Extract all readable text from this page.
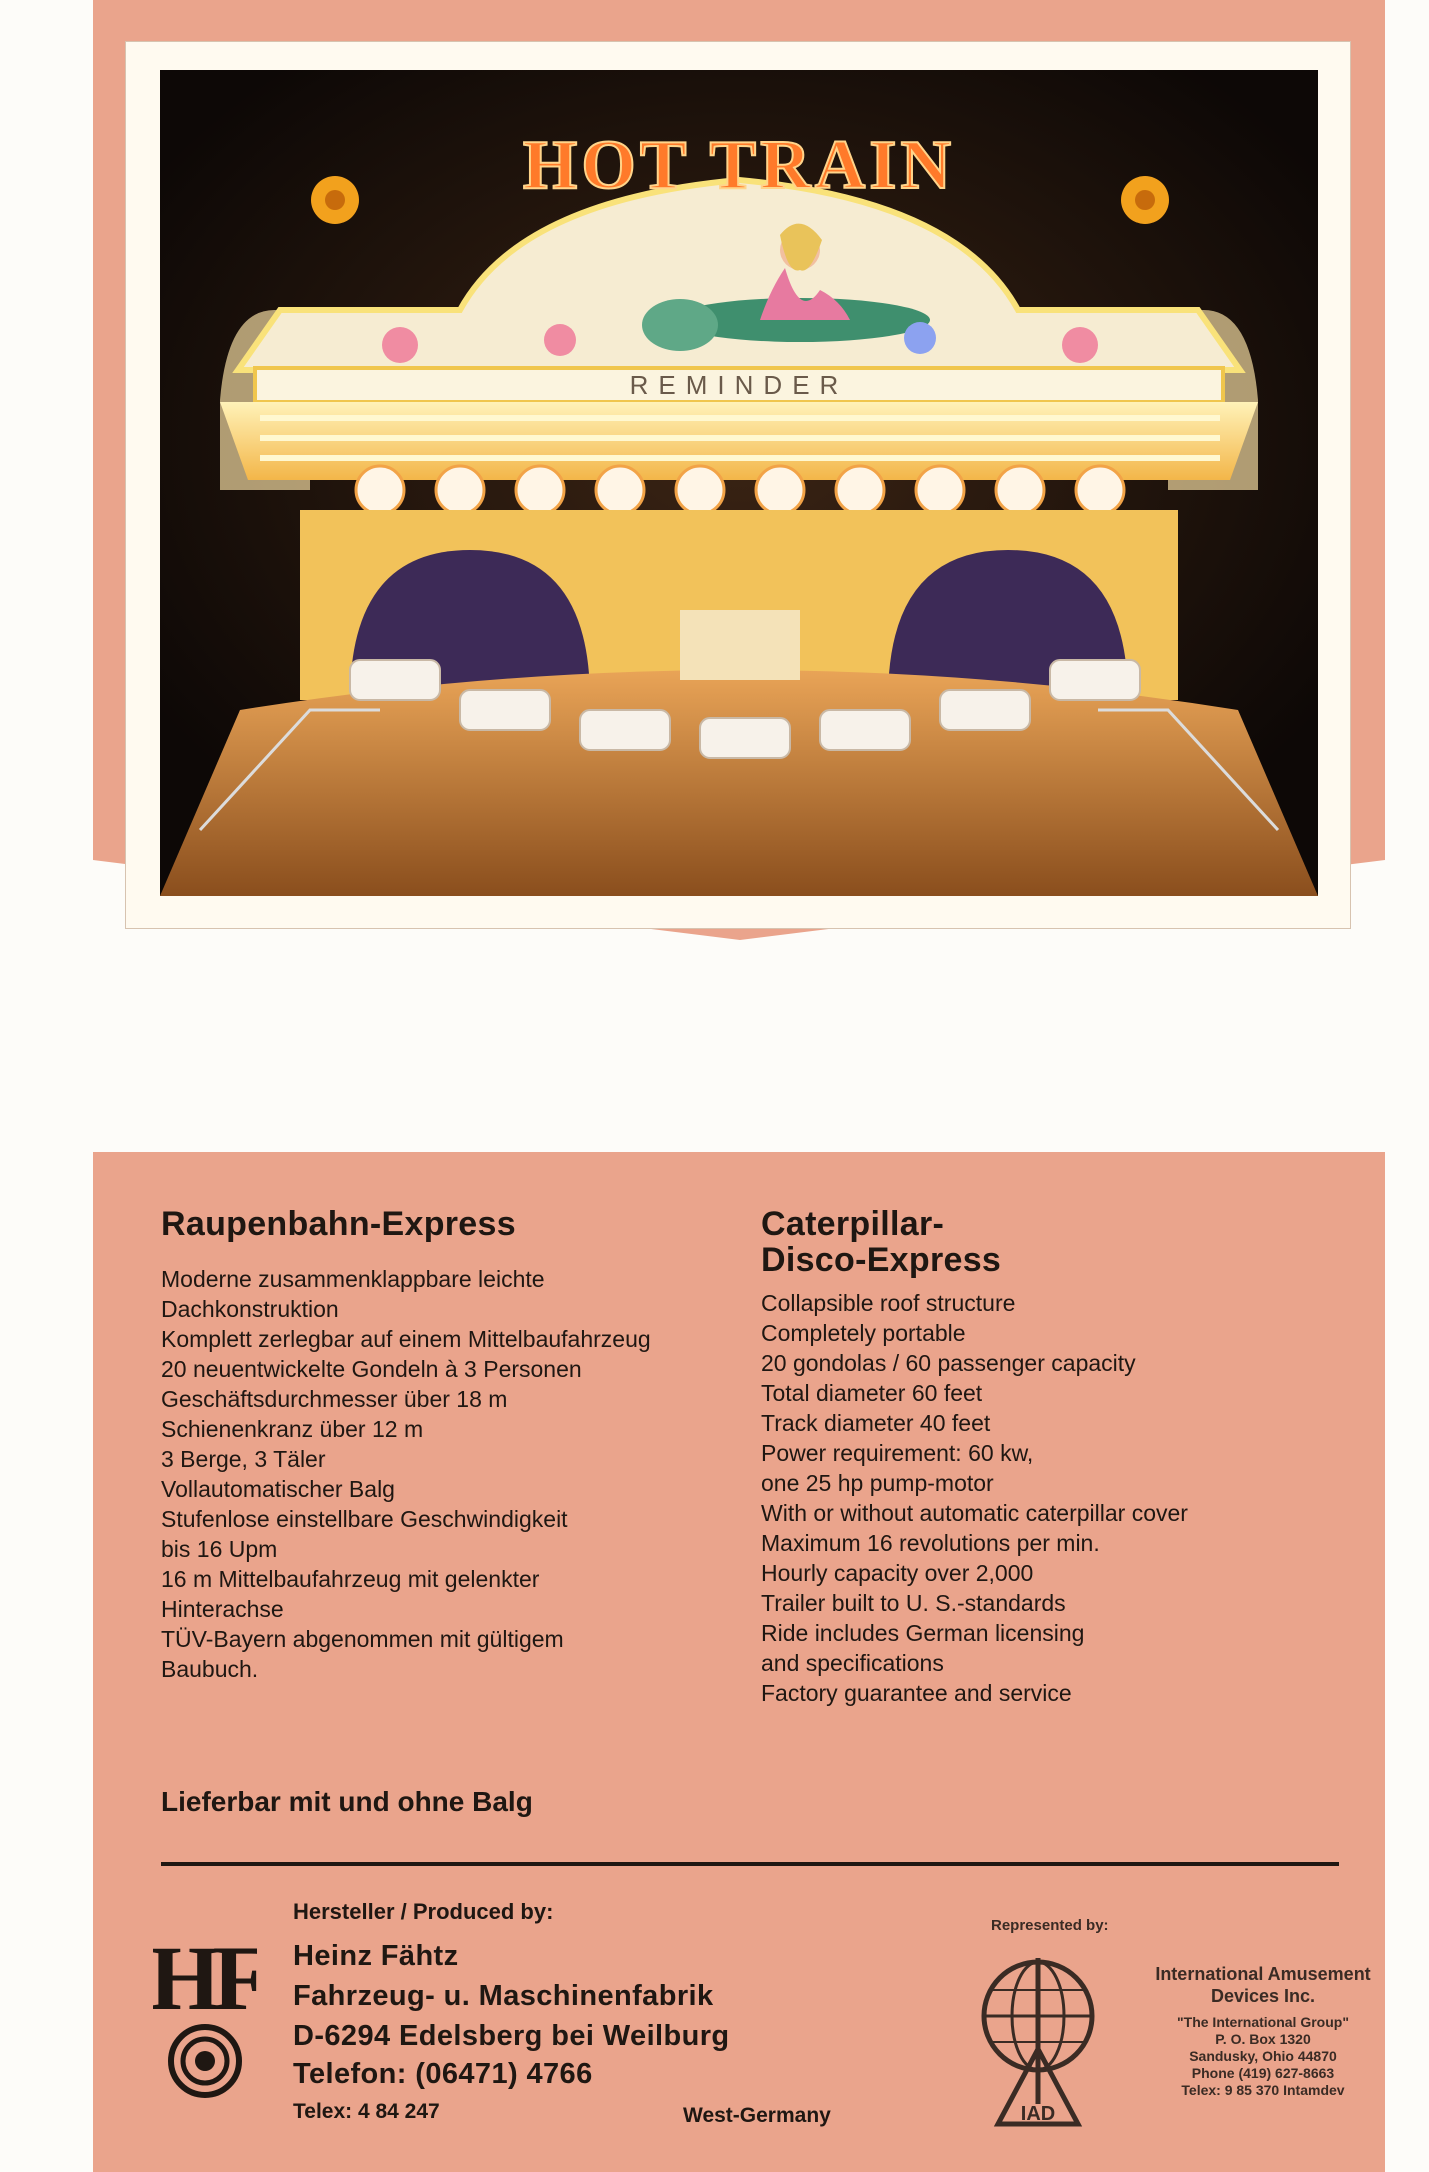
HOT TRAIN
REMINDER
Raupenbahn-Express
Moderne zusammenklappbare leichte
Dachkonstruktion
Komplett zerlegbar auf einem Mittelbaufahrzeug
20 neuentwickelte Gondeln à 3 Personen
Geschäftsdurchmesser über 18 m
Schienenkranz über 12 m
3 Berge, 3 Täler
Vollautomatischer Balg
Stufenlose einstellbare Geschwindigkeit
bis 16 Upm
16 m Mittelbaufahrzeug mit gelenkter
Hinterachse
TÜV-Bayern abgenommen mit gültigem
Baubuch.
Caterpillar-
Disco-Express
Collapsible roof structure
Completely portable
20 gondolas / 60 passenger capacity
Total diameter 60 feet
Track diameter 40 feet
Power requirement: 60 kw,
one 25 hp pump-motor
With or without automatic caterpillar cover
Maximum 16 revolutions per min.
Hourly capacity over 2,000
Trailer built to U. S.-standards
Ride includes German licensing
and specifications
Factory guarantee and service
Lieferbar mit und ohne Balg
Hersteller / Produced by:
HF Heinz Fähtz
Fahrzeug- u. Maschinenfabrik
D-6294 Edelsberg bei Weilburg
Telefon: (06471) 4766
Telex: 4 84 247	West-Germany
Represented by:
IAD
International Amusement
Devices Inc.
"The International Group"
P. O. Box 1320
Sandusky, Ohio 44870
Phone (419) 627-8663
Telex: 9 85 370 Intamdev
